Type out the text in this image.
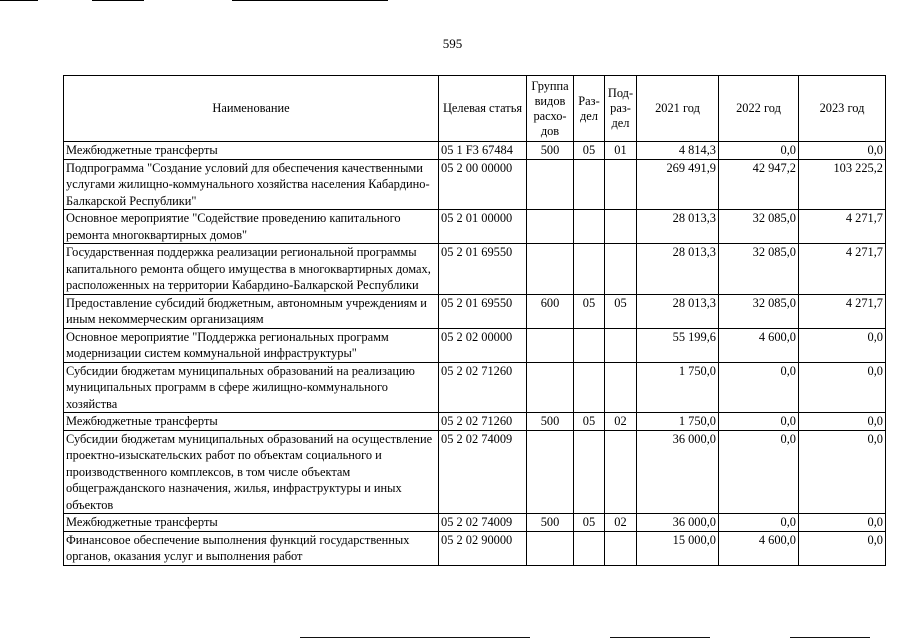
595
Наименование	Целевая статья	Группа видов расхо-дов	Раз-дел	Под-раз-дел	2021 год	2022 год	2023 год
Межбюджетные трансферты	05 1 F3 67484	500	05	01	4 814,3	0,0	0,0
Подпрограмма "Создание условий для обеспечения качественными услугами жилищно-коммунального хозяйства населения Кабардино-Балкарской Республики"	05 2 00 00000				269 491,9	42 947,2	103 225,2
Основное мероприятие "Содействие проведению капитального ремонта многоквартирных домов"	05 2 01 00000				28 013,3	32 085,0	4 271,7
Государственная поддержка реализации региональной программы капитального ремонта общего имущества в многоквартирных домах, расположенных на территории Кабардино-Балкарской Республики	05 2 01 69550				28 013,3	32 085,0	4 271,7
Предоставление субсидий бюджетным, автономным учреждениям и иным некоммерческим организациям	05 2 01 69550	600	05	05	28 013,3	32 085,0	4 271,7
Основное мероприятие "Поддержка региональных программ модернизации систем коммунальной инфраструктуры"	05 2 02 00000				55 199,6	4 600,0	0,0
Субсидии бюджетам муниципальных образований на реализацию муниципальных программ в сфере жилищно-коммунального хозяйства	05 2 02 71260				1 750,0	0,0	0,0
Межбюджетные трансферты	05 2 02 71260	500	05	02	1 750,0	0,0	0,0
Субсидии бюджетам муниципальных образований на осуществление проектно-изыскательских работ по объектам социального и производственного комплексов, в том числе объектам общегражданского назначения, жилья, инфраструктуры и иных объектов	05 2 02 74009				36 000,0	0,0	0,0
Межбюджетные трансферты	05 2 02 74009	500	05	02	36 000,0	0,0	0,0
Финансовое обеспечение выполнения функций государственных органов, оказания услуг и выполнения работ	05 2 02 90000				15 000,0	4 600,0	0,0
